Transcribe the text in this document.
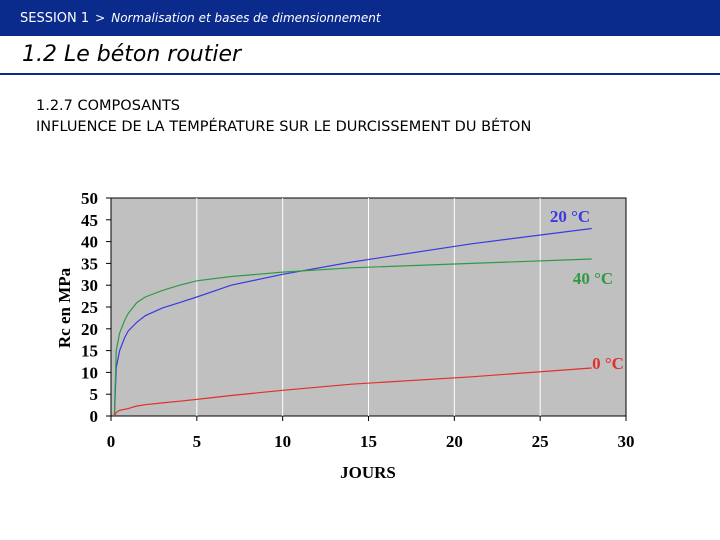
SESSION 1 > Normalisation et bases de dimensionnement
1.2 Le béton routier
1.2.7 COMPOSANTS
INFLUENCE DE LA TEMPÉRATURE SUR LE DURCISSEMENT DU BÉTON
0	5	10	15	20	25	30
0
5
10
15
20
25
30
35
40
45
50
20 °C
40 °C
0 °C
Rc en MPa
JOURS
